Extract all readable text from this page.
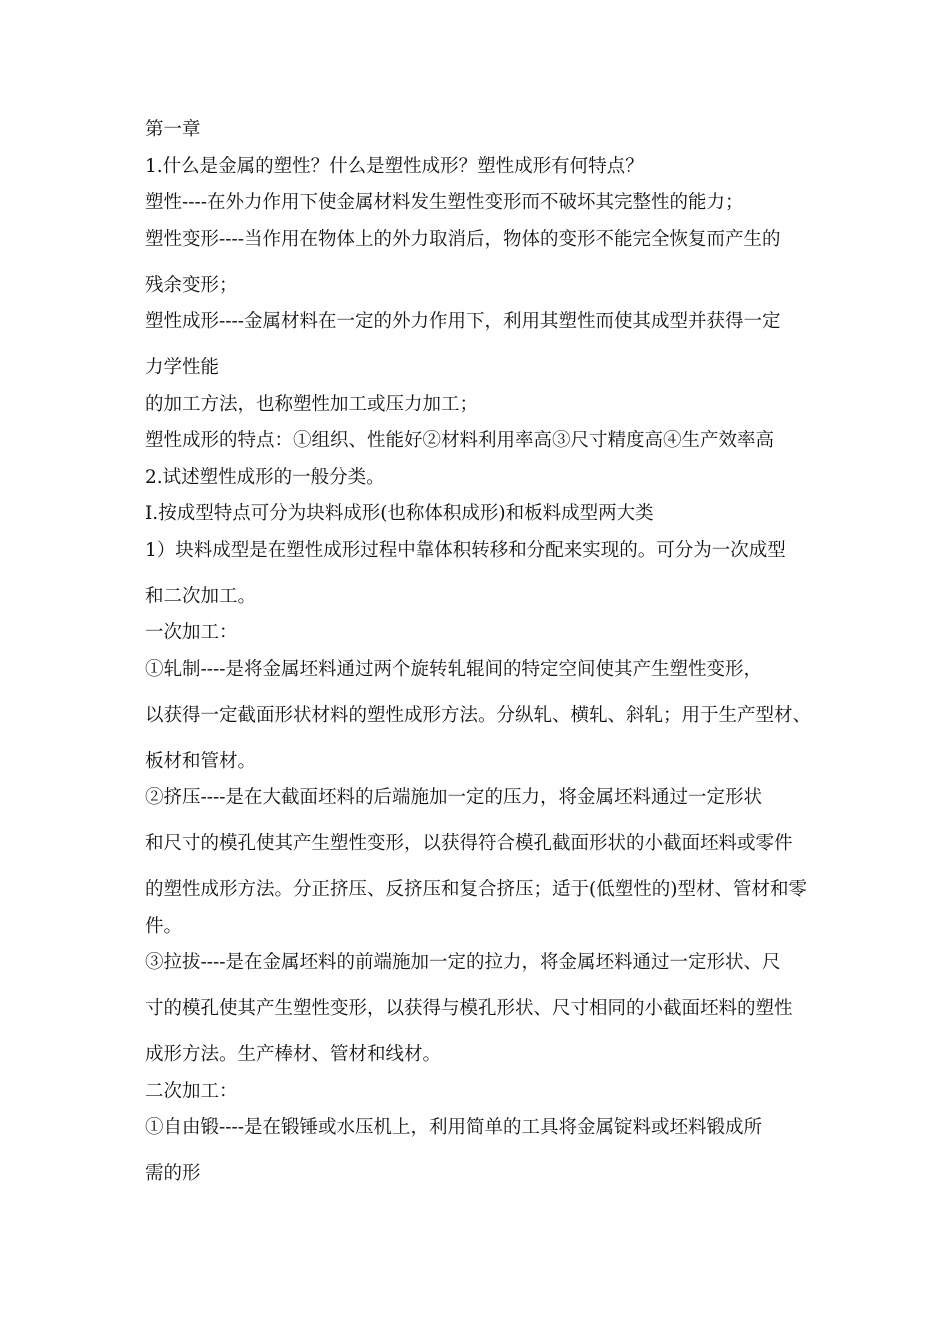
第一章

1.什么是金属的塑性？什么是塑性成形？塑性成形有何特点？

塑性----在外力作用下使金属材料发生塑性变形而不破坏其完整性的能力；

塑性变形----当作用在物体上的外力取消后，物体的变形不能完全恢复而产生的

残余变形；

塑性成形----金属材料在一定的外力作用下，利用其塑性而使其成型并获得一定

力学性能

的加工方法，也称塑性加工或压力加工；

塑性成形的特点：①组织、性能好②材料利用率高③尺寸精度高④生产效率高

2.试述塑性成形的一般分类。

Ⅰ.按成型特点可分为块料成形(也称体积成形)和板料成型两大类

1）块料成型是在塑性成形过程中靠体积转移和分配来实现的。可分为一次成型

和二次加工。

一次加工：

①轧制----是将金属坯料通过两个旋转轧辊间的特定空间使其产生塑性变形，

以获得一定截面形状材料的塑性成形方法。分纵轧、横轧、斜轧；用于生产型材、

板材和管材。

②挤压----是在大截面坯料的后端施加一定的压力，将金属坯料通过一定形状

和尺寸的模孔使其产生塑性变形，以获得符合模孔截面形状的小截面坯料或零件

的塑性成形方法。分正挤压、反挤压和复合挤压；适于(低塑性的)型材、管材和零

件。

③拉拔----是在金属坯料的前端施加一定的拉力，将金属坯料通过一定形状、尺

寸的模孔使其产生塑性变形，以获得与模孔形状、尺寸相同的小截面坯料的塑性

成形方法。生产棒材、管材和线材。

二次加工：

①自由锻----是在锻锤或水压机上，利用简单的工具将金属锭料或坯料锻成所

需的形
